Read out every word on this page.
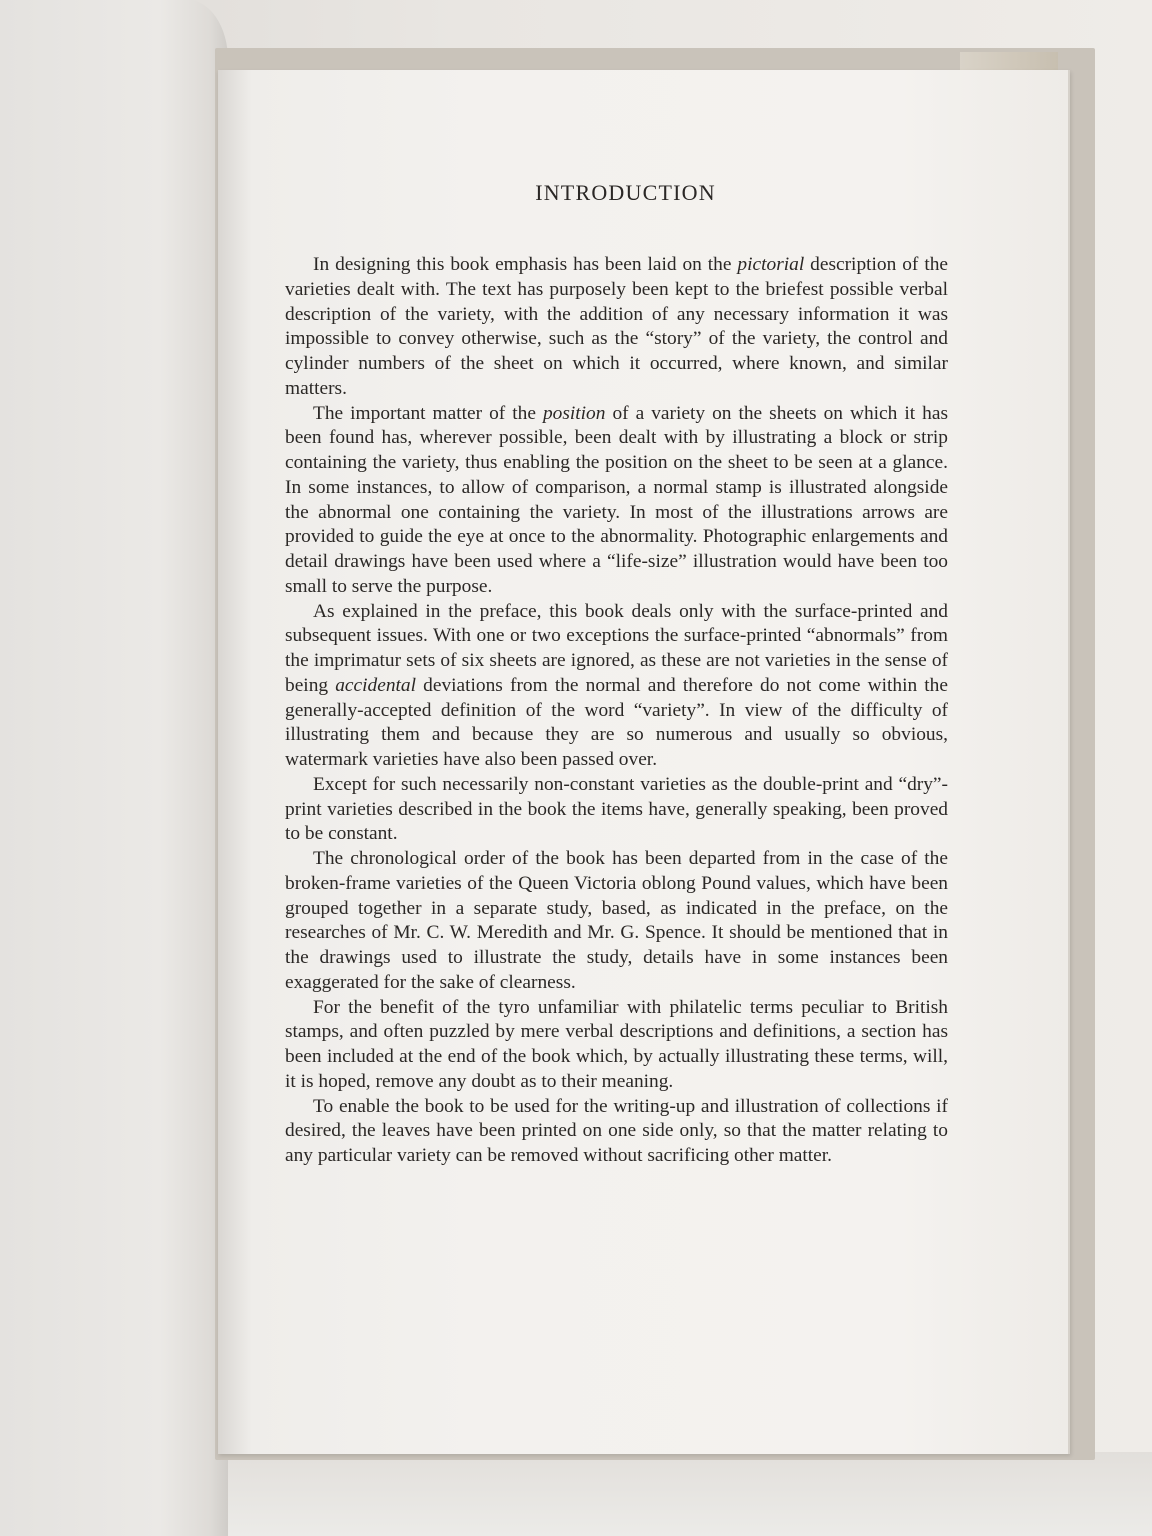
INTRODUCTION

In designing this book emphasis has been laid on the pictorial description of the varieties dealt with. The text has purposely been kept to the briefest possible verbal description of the variety, with the addition of any necessary information it was impossible to convey otherwise, such as the “story” of the variety, the control and cylinder numbers of the sheet on which it occurred, where known, and similar matters.

The important matter of the position of a variety on the sheets on which it has been found has, wherever possible, been dealt with by illustrating a block or strip containing the variety, thus enabling the position on the sheet to be seen at a glance. In some instances, to allow of comparison, a normal stamp is illustrated alongside the abnormal one containing the variety. In most of the illustrations arrows are provided to guide the eye at once to the abnormality. Photographic enlargements and detail drawings have been used where a “life-size” illustration would have been too small to serve the purpose.

As explained in the preface, this book deals only with the surface-printed and subsequent issues. With one or two exceptions the surface-printed “abnormals” from the imprimatur sets of six sheets are ignored, as these are not varieties in the sense of being accidental deviations from the normal and therefore do not come within the generally-accepted definition of the word “variety”. In view of the difficulty of illustrating them and because they are so numerous and usually so obvious, watermark varieties have also been passed over.

Except for such necessarily non-constant varieties as the double-print and “dry”-print varieties described in the book the items have, generally speaking, been proved to be constant.

The chronological order of the book has been departed from in the case of the broken-frame varieties of the Queen Victoria oblong Pound values, which have been grouped together in a separate study, based, as indicated in the preface, on the researches of Mr. C. W. Meredith and Mr. G. Spence. It should be mentioned that in the drawings used to illustrate the study, details have in some instances been exaggerated for the sake of clearness.

For the benefit of the tyro unfamiliar with philatelic terms peculiar to British stamps, and often puzzled by mere verbal descriptions and definitions, a section has been included at the end of the book which, by actually illustrating these terms, will, it is hoped, remove any doubt as to their meaning.

To enable the book to be used for the writing-up and illustration of collections if desired, the leaves have been printed on one side only, so that the matter relating to any particular variety can be removed without sacrificing other matter.
